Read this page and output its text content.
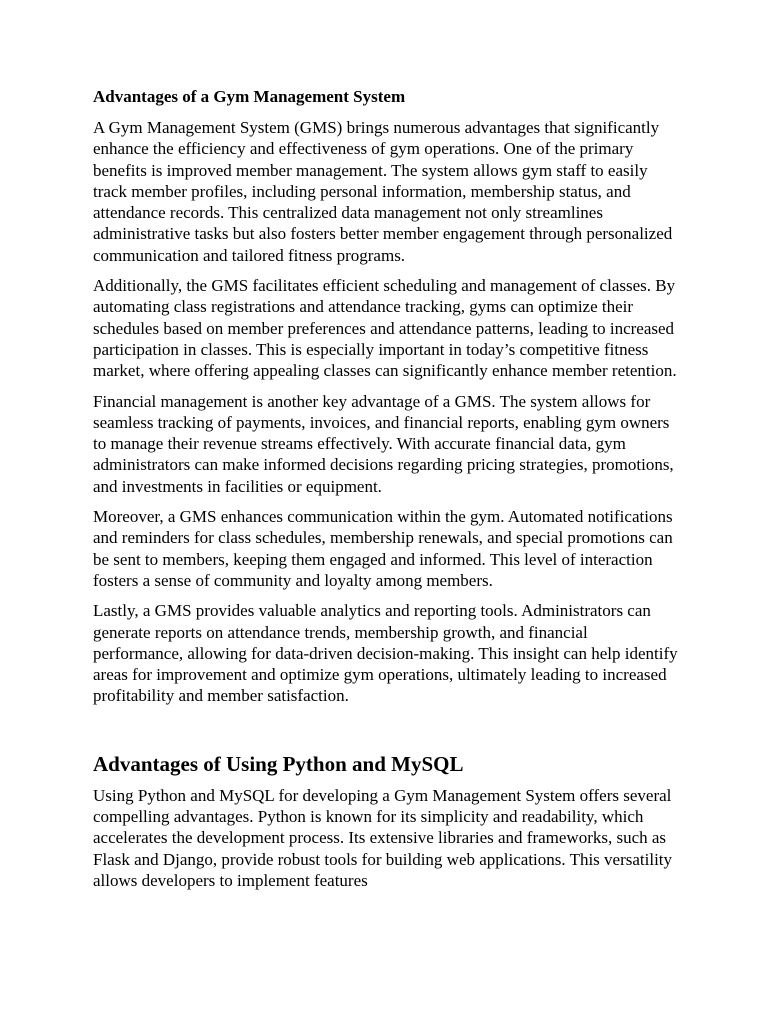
Advantages of a Gym Management System

A Gym Management System (GMS) brings numerous advantages that significantly enhance the efficiency and effectiveness of gym operations. One of the primary benefits is improved member management. The system allows gym staff to easily track member profiles, including personal information, membership status, and attendance records. This centralized data management not only streamlines administrative tasks but also fosters better member engagement through personalized communication and tailored fitness programs.

Additionally, the GMS facilitates efficient scheduling and management of classes. By automating class registrations and attendance tracking, gyms can optimize their schedules based on member preferences and attendance patterns, leading to increased participation in classes. This is especially important in today’s competitive fitness market, where offering appealing classes can significantly enhance member retention.

Financial management is another key advantage of a GMS. The system allows for seamless tracking of payments, invoices, and financial reports, enabling gym owners to manage their revenue streams effectively. With accurate financial data, gym administrators can make informed decisions regarding pricing strategies, promotions, and investments in facilities or equipment.

Moreover, a GMS enhances communication within the gym. Automated notifications and reminders for class schedules, membership renewals, and special promotions can be sent to members, keeping them engaged and informed. This level of interaction fosters a sense of community and loyalty among members.

Lastly, a GMS provides valuable analytics and reporting tools. Administrators can generate reports on attendance trends, membership growth, and financial performance, allowing for data-driven decision-making. This insight can help identify areas for improvement and optimize gym operations, ultimately leading to increased profitability and member satisfaction.

Advantages of Using Python and MySQL

Using Python and MySQL for developing a Gym Management System offers several compelling advantages. Python is known for its simplicity and readability, which accelerates the development process. Its extensive libraries and frameworks, such as Flask and Django, provide robust tools for building web applications. This versatility allows developers to implement features
